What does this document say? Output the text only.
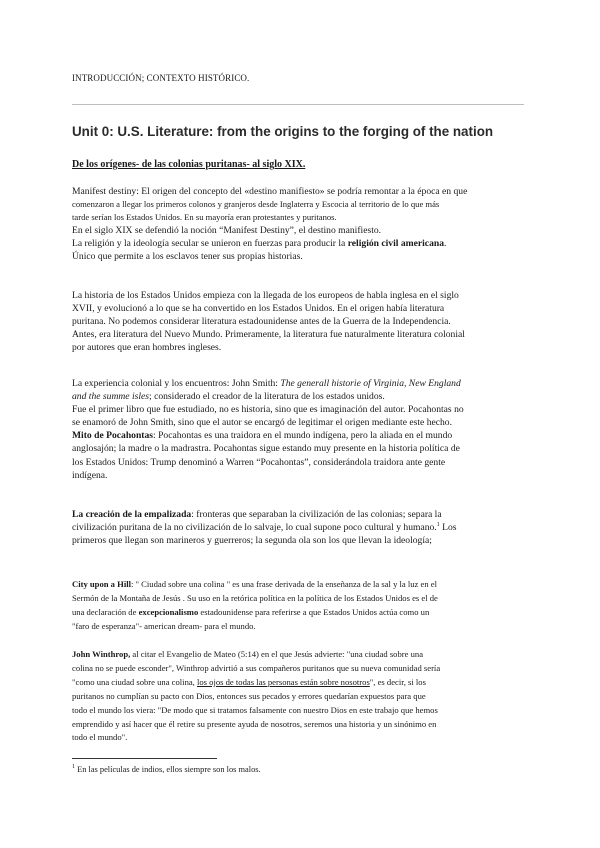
INTRODUCCIÓN; CONTEXTO HISTÓRICO.
Unit 0: U.S. Literature: from the origins to the forging of the nation
De los orígenes- de las colonias puritanas- al siglo XIX.

Manifest destiny: El origen del concepto del «destino manifiesto» se podría remontar a la época en que

comenzaron a llegar los primeros colonos y granjeros desde Inglaterra y Escocia al territorio de lo que más

tarde serían los Estados Unidos. En su mayoría eran protestantes y puritanos.

En el siglo XIX se defendió la noción “Manifest Destiny”, el destino manifiesto.

La religión y la ideología secular se unieron en fuerzas para producir la religión civil americana.

Único que permite a los esclavos tener sus propias historias.

La historia de los Estados Unidos empieza con la llegada de los europeos de habla inglesa en el siglo

XVII, y evolucionó a lo que se ha convertido en los Estados Unidos. En el origen había literatura

puritana. No podemos considerar literatura estadounidense antes de la Guerra de la Independencia.

Antes, era literatura del Nuevo Mundo. Primeramente, la literatura fue naturalmente literatura colonial

por autores que eran hombres ingleses.

La experiencia colonial y los encuentros: John Smith: The generall historie of Virginia, New England

and the summe isles; considerado el creador de la literatura de los estados unidos.

Fue el primer libro que fue estudiado, no es historia, sino que es imaginación del autor. Pocahontas no

se enamoró de John Smith, sino que el autor se encargó de legitimar el origen mediante este hecho.

Mito de Pocahontas: Pocahontas es una traidora en el mundo indígena, pero la aliada en el mundo

anglosajón; la madre o la madrastra. Pocahontas sigue estando muy presente en la historia política de

los Estados Unidos: Trump denominó a Warren “Pocahontas”, considerándola traidora ante gente

indígena.

La creación de la empalizada: fronteras que separaban la civilización de las colonias; separa la

civilización puritana de la no civilización de lo salvaje, lo cual supone poco cultural y humano.$^1$ Los

primeros que llegan son marineros y guerreros; la segunda ola son los que llevan la ideología;

City upon a Hill: " Ciudad sobre una colina " es una frase derivada de la enseñanza de la sal y la luz en el

Sermón de la Montaña de Jesús . Su uso en la retórica política en la política de los Estados Unidos es el de

una declaración de excepcionalismo estadounidense para referirse a que Estados Unidos actúa como un

"faro de esperanza"- american dream- para el mundo.

John Winthrop, al citar el Evangelio de Mateo (5:14) en el que Jesús advierte: "una ciudad sobre una

colina no se puede esconder", Winthrop advirtió a sus compañeros puritanos que su nueva comunidad sería

"como una ciudad sobre una colina, los ojos de todas las personas están sobre nosotros", es decir, si los

puritanos no cumplían su pacto con Dios, entonces sus pecados y errores quedarían expuestos para que

todo el mundo los viera: "De modo que si tratamos falsamente con nuestro Dios en este trabajo que hemos

emprendido y así hacer que él retire su presente ayuda de nosotros, seremos una historia y un sinónimo en

todo el mundo".

$^1$ En las películas de indios, ellos siempre son los malos.
